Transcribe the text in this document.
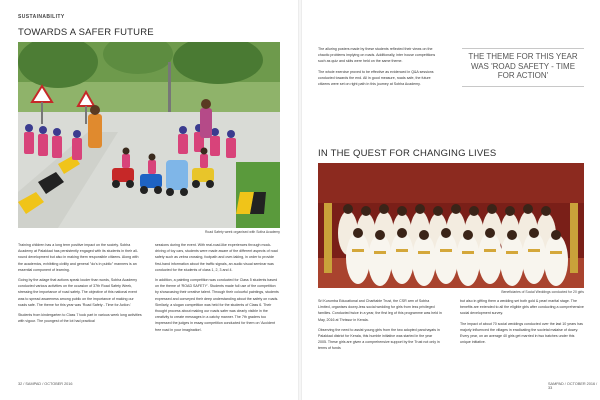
SUSTAINABILITY
TOWARDS A SAFER FUTURE
Road Safety week organised with Sotha Academy

Training children has a long term positive impact on the society. Sobha Academy at Palakkad has persistently engaged with its students in their all-round development but also in making them responsible citizens. Along with the academics, exhibiting civility and general "do's in public" manners is an essential component of learning.

Going by the adage that actions speak louder than words, Sobha Academy conducted various activities on the occasion of 37th Road Safety Week, stressing the importance of road safety. The objective of this national event was to spread awareness among public on the importance of making our roads safe. The theme for this year was 'Road Safety - Time for Action.'

Students from kindergarten to Class 7 took part in various week long activities with vigour. The youngest of the lot had practical

sessions during the event. With real-road-like experiences through mock-driving of toy cars, students were made aware of the different aspects of road safety such as zebra crossing, footpath and over-taking, in order to provide first-hand information about the traffic signals, an audio visual seminar was conducted for the students of class 1, 2, 3 and 4.

In addition, a painting competition was conducted for Class 5 students based on the theme of 'ROAD SAFETY'. Students made full use of the competition by showcasing their creative talent. Through their colourful paintings, students expressed and conveyed their deep understanding about the safety on roads. Similarly, a slogan competition was held for the students of Class 6. Their thought process about making our roads safer was clearly visible in the creativity to create messages in a catchy manner. The 7th graders too impressed the judges in essay competition conducted for them on 'Accident free road in your imagination'.

32 / SAMPAD / OCTOBER 2016

The alluring posters made by these students reflected their views on the chaotic problems implying on roads. Additionally, inter house competitions such as quiz and skits were held on the same theme.

The whole exercise proved to be effective as evidenced in Q&A sessions conducted towards the end. All in good measure, roads safe, the future citizens were set on right path in this journey at Sobha Academy.

THE THEME FOR THIS YEAR WAS 'ROAD SAFETY - TIME FOR ACTION'
IN THE QUEST FOR CHANGING LIVES
Beneficiaries of Social Weddings conducted for 20 girls

Sri Kurumba Educational and Charitable Trust, the CSR arm of Sobha Limited, organises dowry-less social wedding for girls from less privileged families. Conducted twice in a year, the first leg of this programme was held in May, 2016 at Thrissur in Kerala.

Observing the need to assist young girls from the two adopted panchayats in Palakkad district for Kerala, this humble initiative was started in the year 2005. These girls are given a comprehensive support by the Trust not only in terms of funds

but also in gifting them a wedding set both gold & pearl marital stage. The benefits are extended to all the eligible girls after conducting a comprehensive social development survey.

The impact of about 70 social weddings conducted over the last 10 years has majorly influenced the villages in eradicating the societal malaise of dowry. Every year, on an average 40 girls get married in two batches under this unique initiative.

SAMPAD / OCTOBER 2016 / 33
